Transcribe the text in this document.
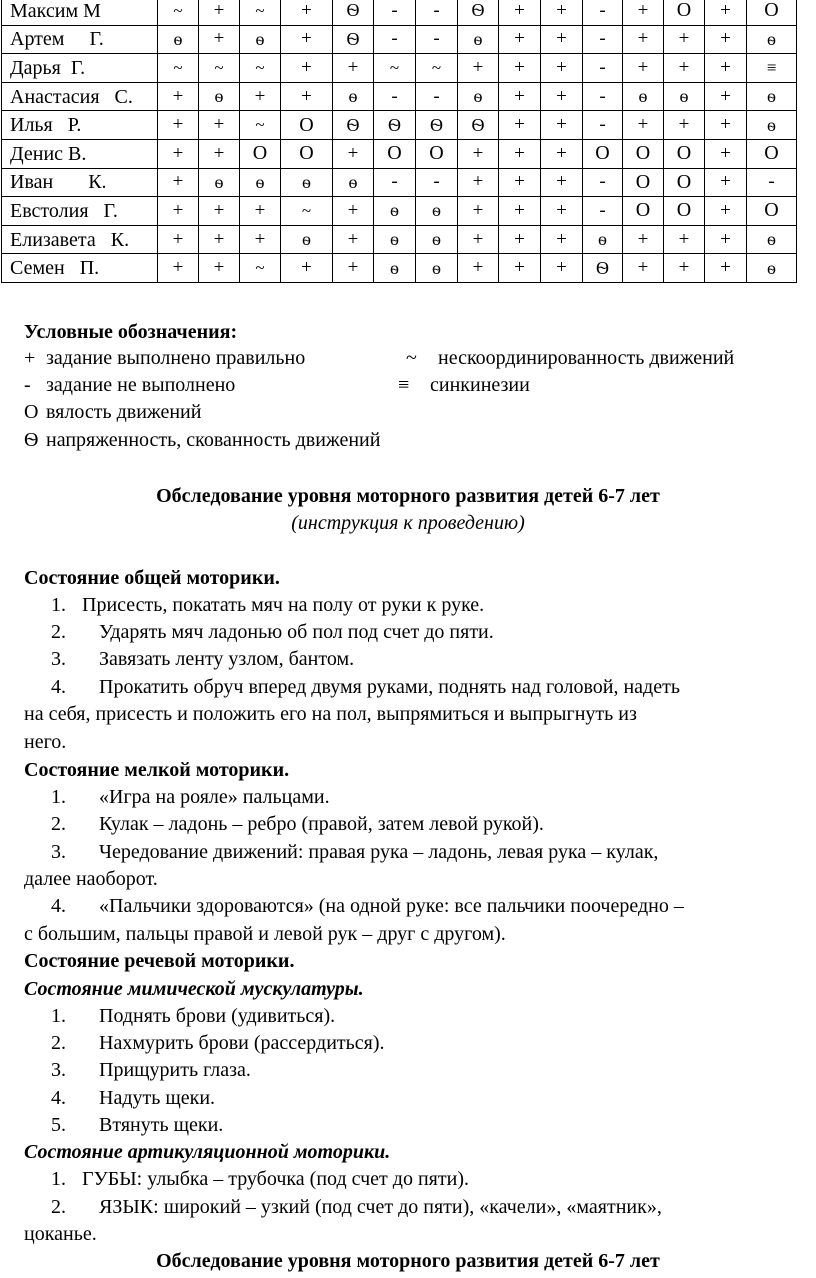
Максим М	~	+	~	+	Ѳ	-	-	Ѳ	+	+	-	+	О	+	О
Артем     Г.	ѳ	+	ѳ	+	Ѳ	-	-	ѳ	+	+	-	+	+	+	ѳ
Дарья  Г.	~	~	~	+	+	~	~	+	+	+	-	+	+	+	≡
Анастасия   С.	+	ѳ	+	+	ѳ	-	-	ѳ	+	+	-	ѳ	ѳ	+	ѳ
Илья   Р.	+	+	~	О	Ѳ	Ѳ	Ѳ	Ѳ	+	+	-	+	+	+	ѳ
Денис В.	+	+	О	О	+	О	О	+	+	+	О	О	О	+	О
Иван       К.	+	ѳ	ѳ	ѳ	ѳ	-	-	+	+	+	-	О	О	+	-
Евстолия   Г.	+	+	+	~	+	ѳ	ѳ	+	+	+	-	О	О	+	О
Елизавета   К.	+	+	+	ѳ	+	ѳ	ѳ	+	+	+	ѳ	+	+	+	ѳ
Семен   П.	+	+	~	+	+	ѳ	ѳ	+	+	+	Ѳ	+	+	+	ѳ
Условные обозначения:
+ задание выполнено правильно	~ нескоординированность движений
- задание не выполнено	≡ синкинезии
О вялость движений
Ѳ напряженность, скованность движений
Обследование уровня моторного развития детей 6-7 лет
(инструкция к проведению)
Состояние общей моторики.
1. Присесть, покатать мяч на полу от руки к руке.
2. Ударять мяч ладонью об пол под счет до пяти.
3. Завязать ленту узлом, бантом.
4. Прокатить обруч вперед двумя руками, поднять над головой, надеть
на себя, присесть и положить его на пол, выпрямиться и выпрыгнуть из
него.
Состояние мелкой моторики.
1. «Игра на рояле» пальцами.
2. Кулак – ладонь – ребро (правой, затем левой рукой).
3. Чередование движений: правая рука – ладонь, левая рука – кулак,
далее наоборот.
4. «Пальчики здороваются» (на одной руке: все пальчики поочередно –
с большим, пальцы правой и левой рук – друг с другом).
Состояние речевой моторики.
Состояние мимической мускулатуры.
1. Поднять брови (удивиться).
2. Нахмурить брови (рассердиться).
3. Прищурить глаза.
4. Надуть щеки.
5. Втянуть щеки.
Состояние артикуляционной моторики.
1. ГУБЫ: улыбка – трубочка (под счет до пяти).
2. ЯЗЫК: широкий – узкий (под счет до пяти), «качели», «маятник»,
цоканье.
Обследование уровня моторного развития детей 6-7 лет
